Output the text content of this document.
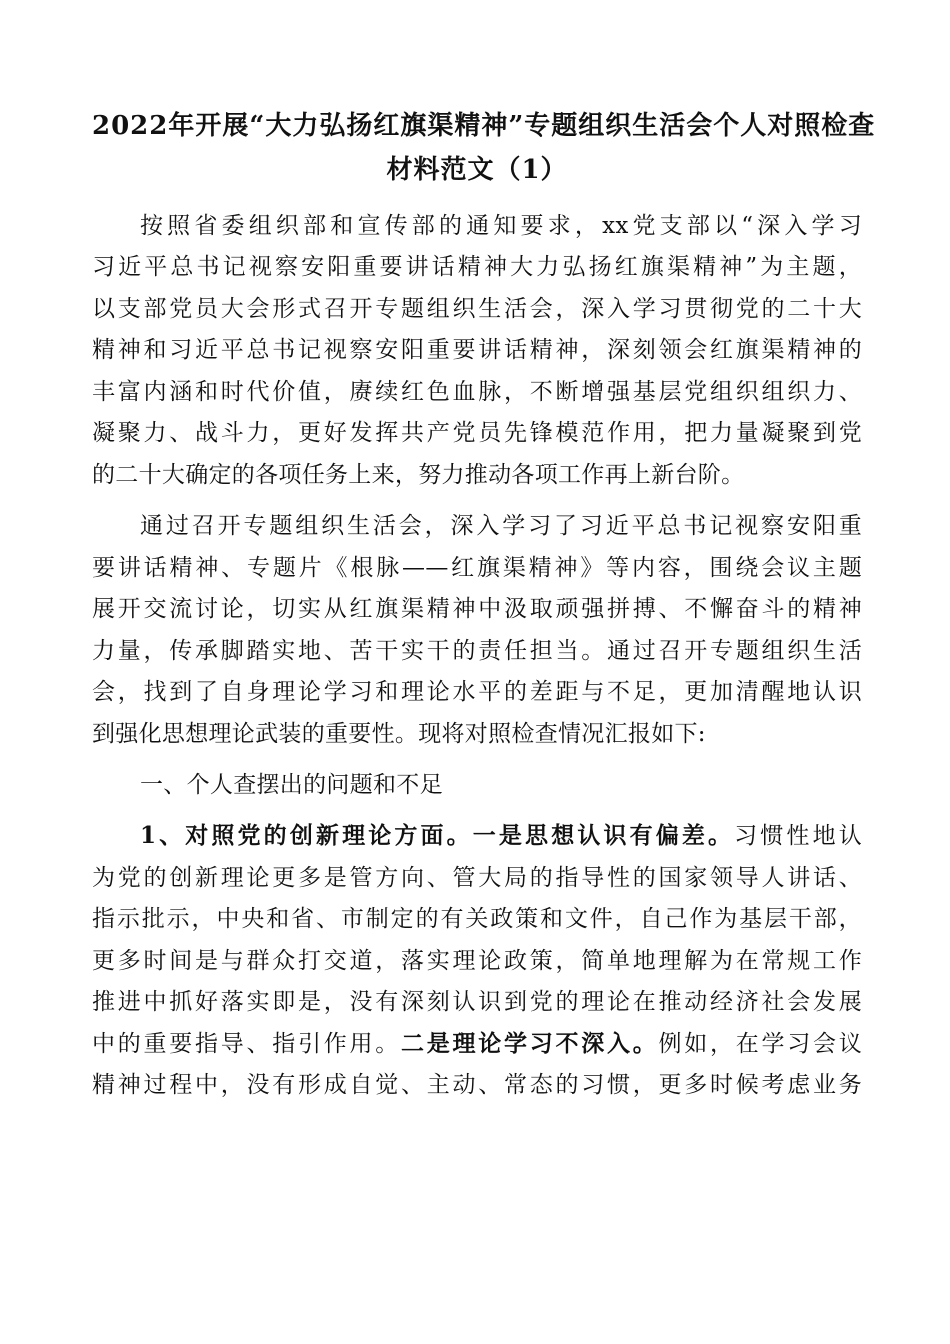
2022年开展“大力弘扬红旗渠精神”专题组织生活会个人对照检查
材料范文（1）
按照省委组织部和宣传部的通知要求，xx党支部以“深入学习
习近平总书记视察安阳重要讲话精神大力弘扬红旗渠精神”为主题，
以支部党员大会形式召开专题组织生活会，深入学习贯彻党的二十大
精神和习近平总书记视察安阳重要讲话精神，深刻领会红旗渠精神的
丰富内涵和时代价值，赓续红色血脉，不断增强基层党组织组织力、
凝聚力、战斗力，更好发挥共产党员先锋模范作用，把力量凝聚到党
的二十大确定的各项任务上来，努力推动各项工作再上新台阶。
通过召开专题组织生活会，深入学习了习近平总书记视察安阳重
要讲话精神、专题片《根脉——红旗渠精神》等内容，围绕会议主题
展开交流讨论，切实从红旗渠精神中汲取顽强拼搏、不懈奋斗的精神
力量，传承脚踏实地、苦干实干的责任担当。通过召开专题组织生活
会，找到了自身理论学习和理论水平的差距与不足，更加清醒地认识
到强化思想理论武装的重要性。现将对照检查情况汇报如下:
一、个人查摆出的问题和不足
1、对照党的创新理论方面。一是思想认识有偏差。习惯性地认
为党的创新理论更多是管方向、管大局的指导性的国家领导人讲话、
指示批示，中央和省、市制定的有关政策和文件，自己作为基层干部，
更多时间是与群众打交道，落实理论政策，简单地理解为在常规工作
推进中抓好落实即是，没有深刻认识到党的理论在推动经济社会发展
中的重要指导、指引作用。二是理论学习不深入。例如，在学习会议
精神过程中，没有形成自觉、主动、常态的习惯，更多时候考虑业务
